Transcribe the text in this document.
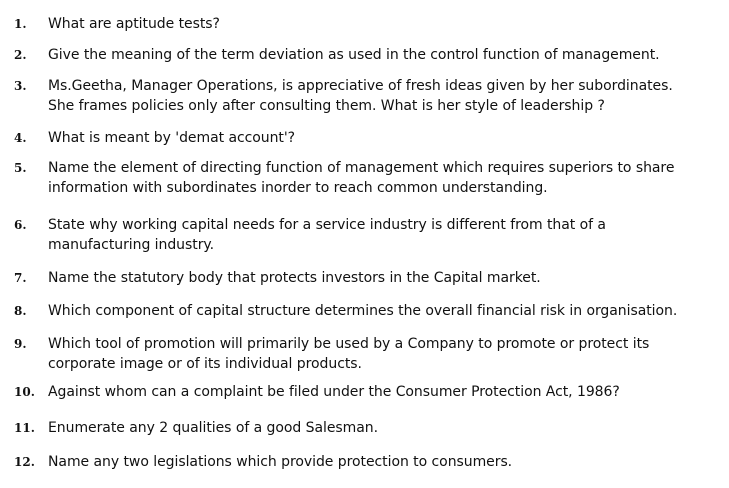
1. What are aptitude tests?
2. Give the meaning of the term deviation as used in the control function of management.
3. Ms.Geetha, Manager Operations, is appreciative of fresh ideas given by her subordinates.
She frames policies only after consulting them. What is her style of leadership ?
4. What is meant by 'demat account'?
5. Name the element of directing function of management which requires superiors to share
information with subordinates inorder to reach common understanding.
6. State why working capital needs for a service industry is different from that of a
manufacturing industry.
7. Name the statutory body that protects investors in the Capital market.
8. Which component of capital structure determines the overall financial risk in organisation.
9. Which tool of promotion will primarily be used by a Company to promote or protect its
corporate image or of its individual products.
10. Against whom can a complaint be filed under the Consumer Protection Act, 1986?
11. Enumerate any 2 qualities of a good Salesman.
12. Name any two legislations which provide protection to consumers.
